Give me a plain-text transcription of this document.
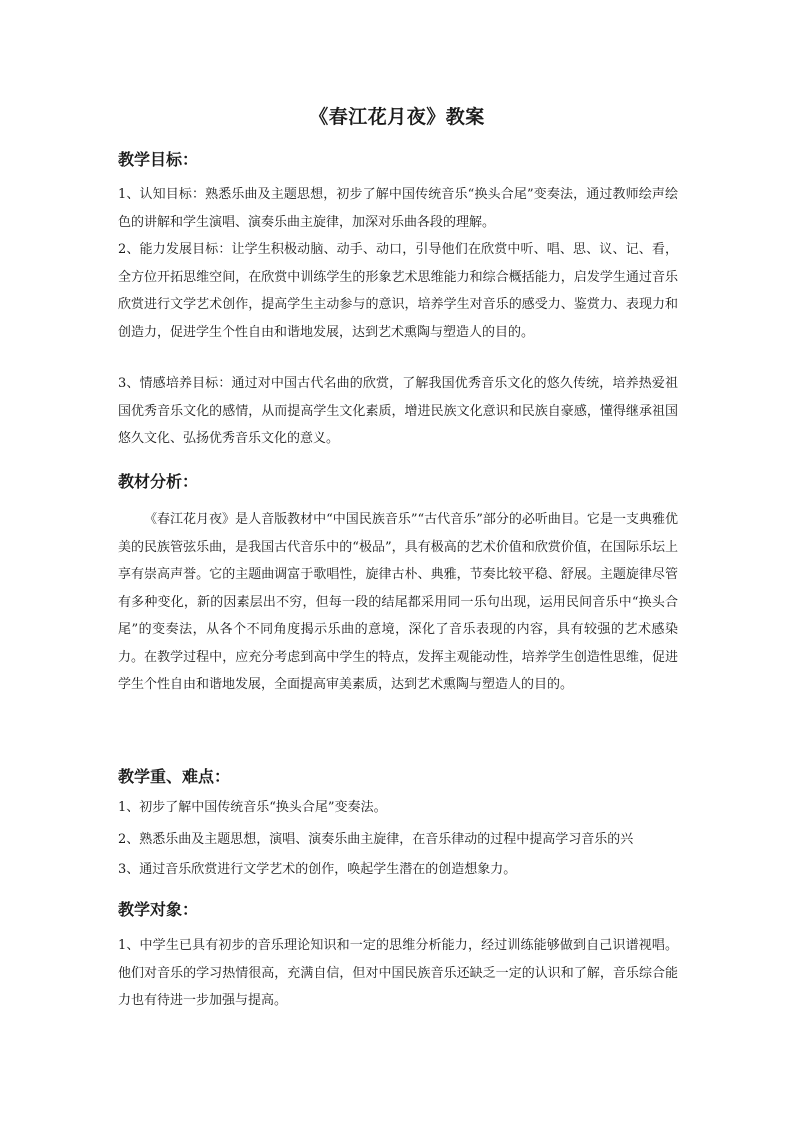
《春江花月夜》教案
教学目标：

1、认知目标：熟悉乐曲及主题思想，初步了解中国传统音乐“换头合尾”变奏法，通过教师绘声绘色的讲解和学生演唱、演奏乐曲主旋律，加深对乐曲各段的理解。

2、能力发展目标：让学生积极动脑、动手、动口，引导他们在欣赏中听、唱、思、议、记、看，全方位开拓思维空间，在欣赏中训练学生的形象艺术思维能力和综合概括能力，启发学生通过音乐欣赏进行文学艺术创作，提高学生主动参与的意识，培养学生对音乐的感受力、鉴赏力、表现力和创造力，促进学生个性自由和谐地发展，达到艺术熏陶与塑造人的目的。

3、情感培养目标：通过对中国古代名曲的欣赏，了解我国优秀音乐文化的悠久传统，培养热爱祖国优秀音乐文化的感情，从而提高学生文化素质，增进民族文化意识和民族自豪感，懂得继承祖国悠久文化、弘扬优秀音乐文化的意义。

教材分析：

《春江花月夜》是人音版教材中“中国民族音乐”“古代音乐”部分的必听曲目。它是一支典雅优美的民族管弦乐曲，是我国古代音乐中的“极品”，具有极高的艺术价值和欣赏价值，在国际乐坛上享有崇高声誉。它的主题曲调富于歌唱性，旋律古朴、典雅，节奏比较平稳、舒展。主题旋律尽管有多种变化，新的因素层出不穷，但每一段的结尾都采用同一乐句出现，运用民间音乐中“换头合尾”的变奏法，从各个不同角度揭示乐曲的意境，深化了音乐表现的内容，具有较强的艺术感染力。在教学过程中，应充分考虑到高中学生的特点，发挥主观能动性，培养学生创造性思维，促进学生个性自由和谐地发展，全面提高审美素质，达到艺术熏陶与塑造人的目的。

教学重、难点：
1、初步了解中国传统音乐“换头合尾”变奏法。
2、熟悉乐曲及主题思想，演唱、演奏乐曲主旋律，在音乐律动的过程中提高学习音乐的兴
3、通过音乐欣赏进行文学艺术的创作，唤起学生潜在的创造想象力。
教学对象：

1、中学生已具有初步的音乐理论知识和一定的思维分析能力，经过训练能够做到自己识谱视唱。他们对音乐的学习热情很高，充满自信，但对中国民族音乐还缺乏一定的认识和了解，音乐综合能力也有待进一步加强与提高。
